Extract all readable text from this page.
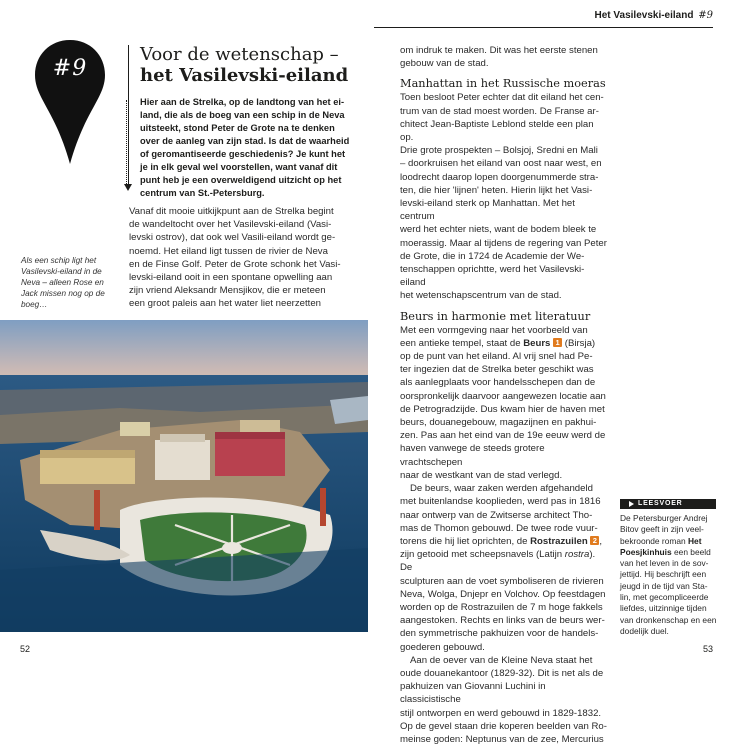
Het Vasilevski-eiland #9
#9
Voor de wetenschap –
het Vasilevski-eiland
Hier aan de Strelka, op de landtong van het ei-
land, die als de boeg van een schip in de Neva
uitsteekt, stond Peter de Grote na te denken
over de aanleg van zijn stad. Is dat de waarheid
of geromantiseerde geschiedenis? Je kunt het
je in elk geval wel voorstellen, want vanaf dit
punt heb je een overweldigend uitzicht op het
centrum van St.-Petersburg.
Vanaf dit mooie uitkijkpunt aan de Strelka begint
de wandeltocht over het Vasilevski-eiland (Vasi-
levski ostrov), dat ook wel Vasili-eiland wordt ge-
noemd. Het eiland ligt tussen de rivier de Neva
en de Finse Golf. Peter de Grote schonk het Vasi-
levski-eiland ooit in een spontane opwelling aan
zijn vriend Aleksandr Mensjikov, die er meteen
een groot paleis aan het water liet neerzetten
Als een schip ligt het
Vasilevski-eiland in de
Neva – alleen Rose en
Jack missen nog op de
boeg…
om indruk te maken. Dit was het eerste stenen
gebouw van de stad.
Manhattan in het Russische moeras
Toen besloot Peter echter dat dit eiland het cen-
trum van de stad moest worden. De Franse ar-
chitect Jean-Baptiste Leblond stelde een plan op.
Drie grote prospekten – Bolsjoj, Sredni en Mali
– doorkruisen het eiland van oost naar west, en
loodrecht daarop lopen doorgenummerde stra-
ten, die hier 'lijnen' heten. Hierin lijkt het Vasi-
levski-eiland sterk op Manhattan. Met het centrum
werd het echter niets, want de bodem bleek te
moerassig. Maar al tijdens de regering van Peter
de Grote, die in 1724 de Academie der We-
tenschappen oprichtte, werd het Vasilevski-eiland
het wetenschapscentrum van de stad.
Beurs in harmonie met literatuur
Met een vormgeving naar het voorbeeld van
een antieke tempel, staat de Beurs 1 (Birsja)
op de punt van het eiland. Al vrij snel had Pe-
ter ingezien dat de Strelka beter geschikt was
als aanlegplaats voor handelsschepen dan de
oorspronkelijk daarvoor aangewezen locatie aan
de Petrogradzijde. Dus kwam hier de haven met
beurs, douanegebouw, magazijnen en pakhui-
zen. Pas aan het eind van de 19e eeuw werd de
haven vanwege de steeds grotere vrachtschepen
naar de westkant van de stad verlegd.
De beurs, waar zaken werden afgehandeld
met buitenlandse kooplieden, werd pas in 1816
naar ontwerp van de Zwitserse architect Tho-
mas de Thomon gebouwd. De twee rode vuur-
torens die hij liet oprichten, de Rostrazuilen 2 ,
zijn getooid met scheepsnavels (Latijn rostra). De
sculpturen aan de voet symboliseren de rivieren
Neva, Wolga, Dnjepr en Volchov. Op feestdagen
worden op de Rostrazuilen de 7 m hoge fakkels
aangestoken. Rechts en links van de beurs wer-
den symmetrische pakhuizen voor de handels-
goederen gebouwd.
Aan de oever van de Kleine Neva staat het
oude douanekantoor (1829-32). Dit is net als de
pakhuizen van Giovanni Luchini in classicistische
stijl ontworpen en werd gebouwd in 1829-1832.
Op de gevel staan drie koperen beelden van Ro-
meinse goden: Neptunus van de zee, Mercurius
LEESVOER
De Petersburger Andrej
Bitov geeft in zijn veel-
bekroonde roman Het
Poesjkinhuis een beeld
van het leven in de sov-
jettijd. Hij beschrijft een
jeugd in de tijd van Sta-
lin, met gecompliceerde
liefdes, uitzinnige tijden
van dronkenschap en een
dodelijk duel.
52	53
